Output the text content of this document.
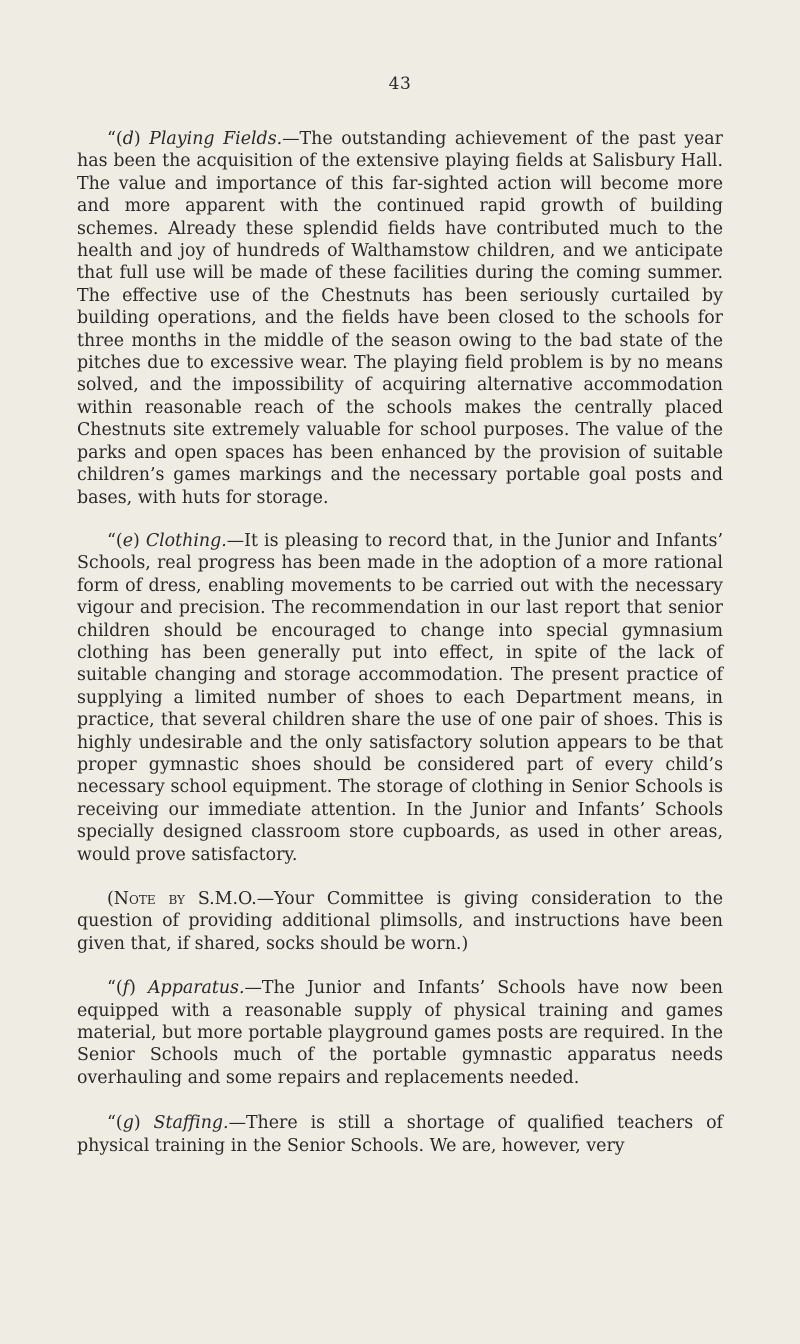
43

“(d) Playing Fields.—The outstanding achievement of the past year has been the acquisition of the extensive playing fields at Salisbury Hall. The value and importance of this far-sighted action will become more and more apparent with the continued rapid growth of building schemes. Already these splendid fields have contributed much to the health and joy of hundreds of Walthamstow children, and we anticipate that full use will be made of these facilities during the coming summer. The effective use of the Chestnuts has been seriously curtailed by building operations, and the fields have been closed to the schools for three months in the middle of the season owing to the bad state of the pitches due to excessive wear. The playing field problem is by no means solved, and the impossibility of acquiring alternative accommodation within reasonable reach of the schools makes the centrally placed Chestnuts site extremely valuable for school purposes. The value of the parks and open spaces has been enhanced by the provision of suitable children’s games markings and the necessary portable goal posts and bases, with huts for storage.

“(e) Clothing.—It is pleasing to record that, in the Junior and Infants’ Schools, real progress has been made in the adoption of a more rational form of dress, enabling movements to be carried out with the necessary vigour and precision. The recommendation in our last report that senior children should be encouraged to change into special gymnasium clothing has been generally put into effect, in spite of the lack of suitable changing and storage accommodation. The present practice of supplying a limited number of shoes to each Department means, in practice, that several children share the use of one pair of shoes. This is highly undesirable and the only satisfactory solution appears to be that proper gymnastic shoes should be considered part of every child’s necessary school equipment. The storage of clothing in Senior Schools is receiving our immediate attention. In the Junior and Infants’ Schools specially designed classroom store cupboards, as used in other areas, would prove satisfactory.

(Note by S.M.O.—Your Committee is giving consideration to the question of providing additional plimsolls, and instructions have been given that, if shared, socks should be worn.)

“(f) Apparatus.—The Junior and Infants’ Schools have now been equipped with a reasonable supply of physical training and games material, but more portable playground games posts are required. In the Senior Schools much of the portable gymnastic apparatus needs overhauling and some repairs and replacements needed.

“(g) Staffing.—There is still a shortage of qualified teachers of physical training in the Senior Schools. We are, however, very
